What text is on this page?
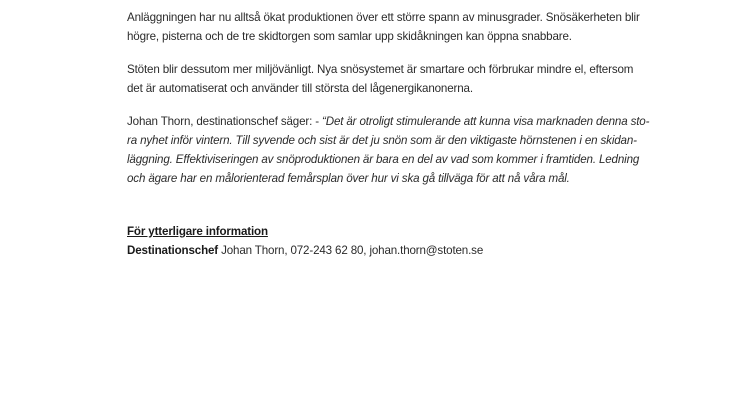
Anläggningen har nu alltså ökat produktionen över ett större spann av minusgrader. Snösäkerheten blir
högre, pisterna och de tre skidtorgen som samlar upp skidåkningen kan öppna snabbare.

Stöten blir dessutom mer miljövänligt. Nya snösystemet är smartare och förbrukar mindre el, eftersom
det är automatiserat och använder till största del lågenergikanonerna.

Johan Thorn, destinationschef säger: - “Det är otroligt stimulerande att kunna visa marknaden denna sto-
ra nyhet inför vintern. Till syvende och sist är det ju snön som är den viktigaste hörnstenen i en skidan-
läggning. Effektiviseringen av snöproduktionen är bara en del av vad som kommer i framtiden. Ledning
och ägare har en målorienterad femårsplan över hur vi ska gå tillväga för att nå våra mål.

För ytterligare information
Destinationschef Johan Thorn, 072-243 62 80, johan.thorn@stoten.se
